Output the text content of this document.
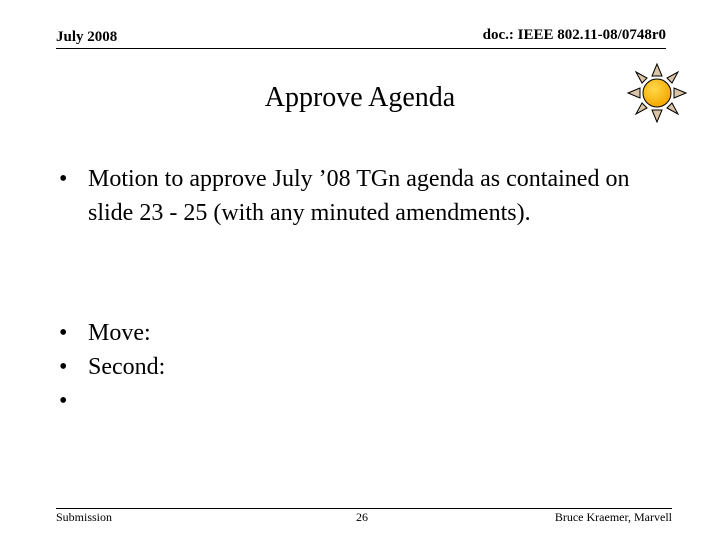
July 2008	doc.: IEEE 802.11-08/0748r0
Approve Agenda
• Motion to approve July ’08 TGn agenda as contained on slide 23 - 25 (with any minuted amendments).
• Move:
• Second:
Submission	26	Bruce Kraemer, Marvell
